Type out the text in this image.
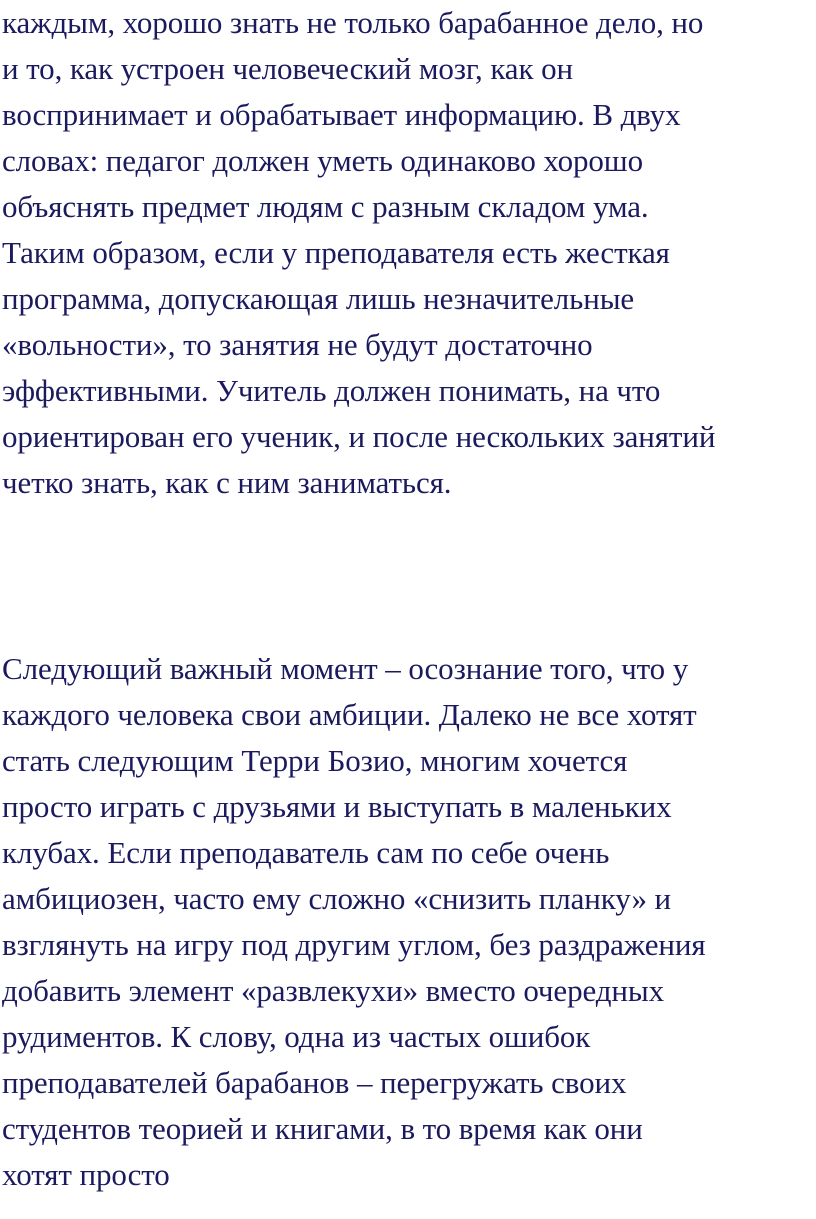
каждым, хорошо знать не только барабанное дело, но
и то, как устроен человеческий мозг, как он
воспринимает и обрабатывает информацию. В двух
словах: педагог должен уметь одинаково хорошо
объяснять предмет людям с разным складом ума.
Таким образом, если у преподавателя есть жесткая
программа, допускающая лишь незначительные
«вольности», то занятия не будут достаточно
эффективными. Учитель должен понимать, на что
ориентирован его ученик, и после нескольких занятий
четко знать, как с ним заниматься.

Следующий важный момент – осознание того, что у
каждого человека свои амбиции. Далеко не все хотят
стать следующим Терри Бозио, многим хочется
просто играть с друзьями и выступать в маленьких
клубах. Если преподаватель сам по себе очень
амбициозен, часто ему сложно «снизить планку» и
взглянуть на игру под другим углом, без раздражения
добавить элемент «развлекухи» вместо очередных
рудиментов. К слову, одна из частых ошибок
преподавателей барабанов – перегружать своих
студентов теорией и книгами, в то время как они
хотят просто
